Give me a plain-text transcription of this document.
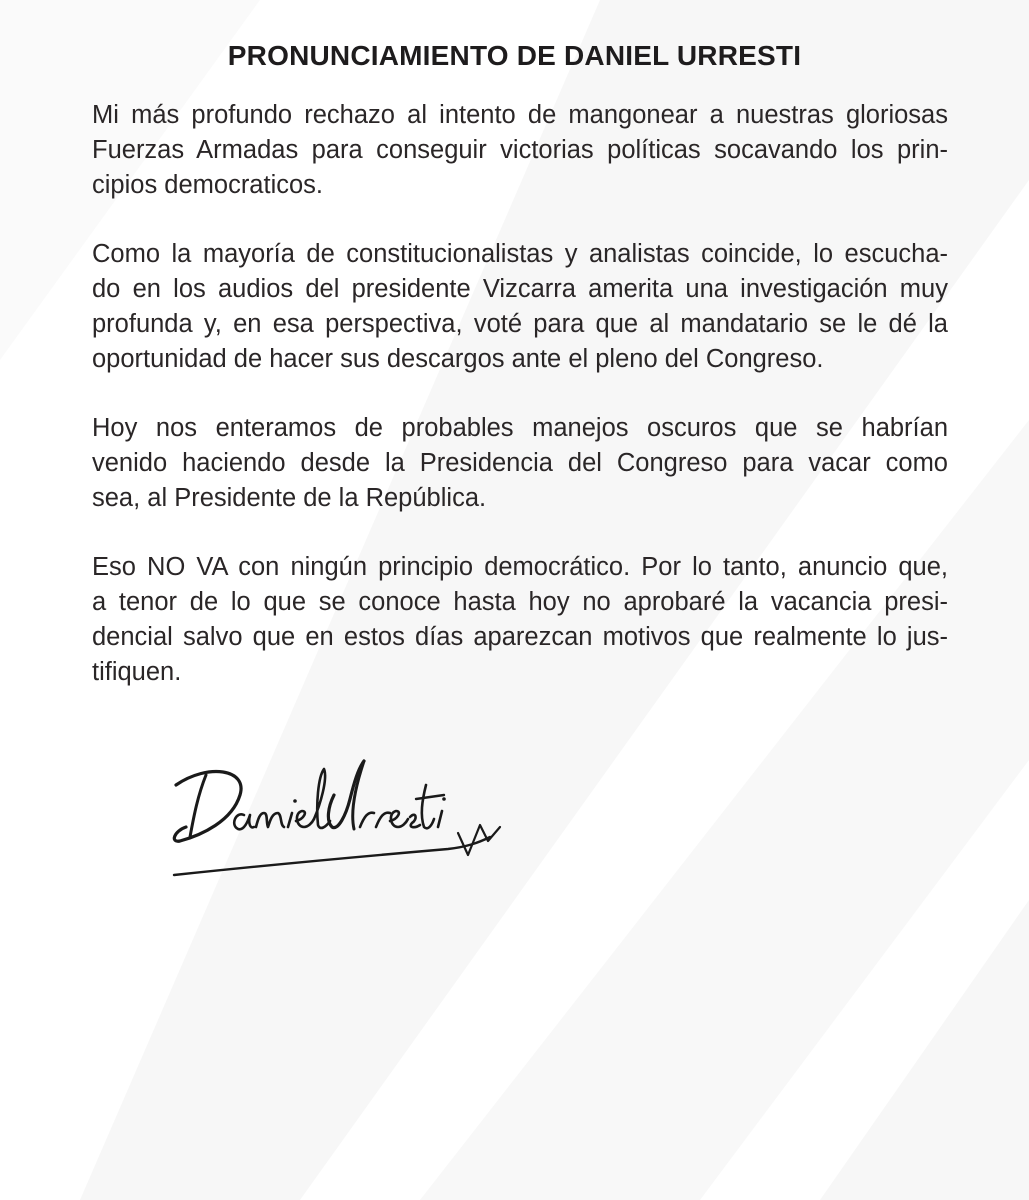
PRONUNCIAMIENTO DE DANIEL URRESTI

Mi más profundo rechazo al intento de mangonear a nuestras gloriosas
Fuerzas Armadas para conseguir victorias políticas socavando los prin-
cipios democraticos.

Como la mayoría de constitucionalistas y analistas coincide, lo escucha-
do en los audios del presidente Vizcarra amerita una investigación muy
profunda y, en esa perspectiva, voté para que al mandatario se le dé la
oportunidad de hacer sus descargos ante el pleno del Congreso.

Hoy nos enteramos de probables manejos oscuros que se habrían
venido haciendo desde la Presidencia del Congreso para vacar como
sea, al Presidente de la República.

Eso NO VA con ningún principio democrático. Por lo tanto, anuncio que,
a tenor de lo que se conoce hasta hoy no aprobaré la vacancia presi-
dencial salvo que en estos días aparezcan motivos que realmente lo jus-
tifiquen.
